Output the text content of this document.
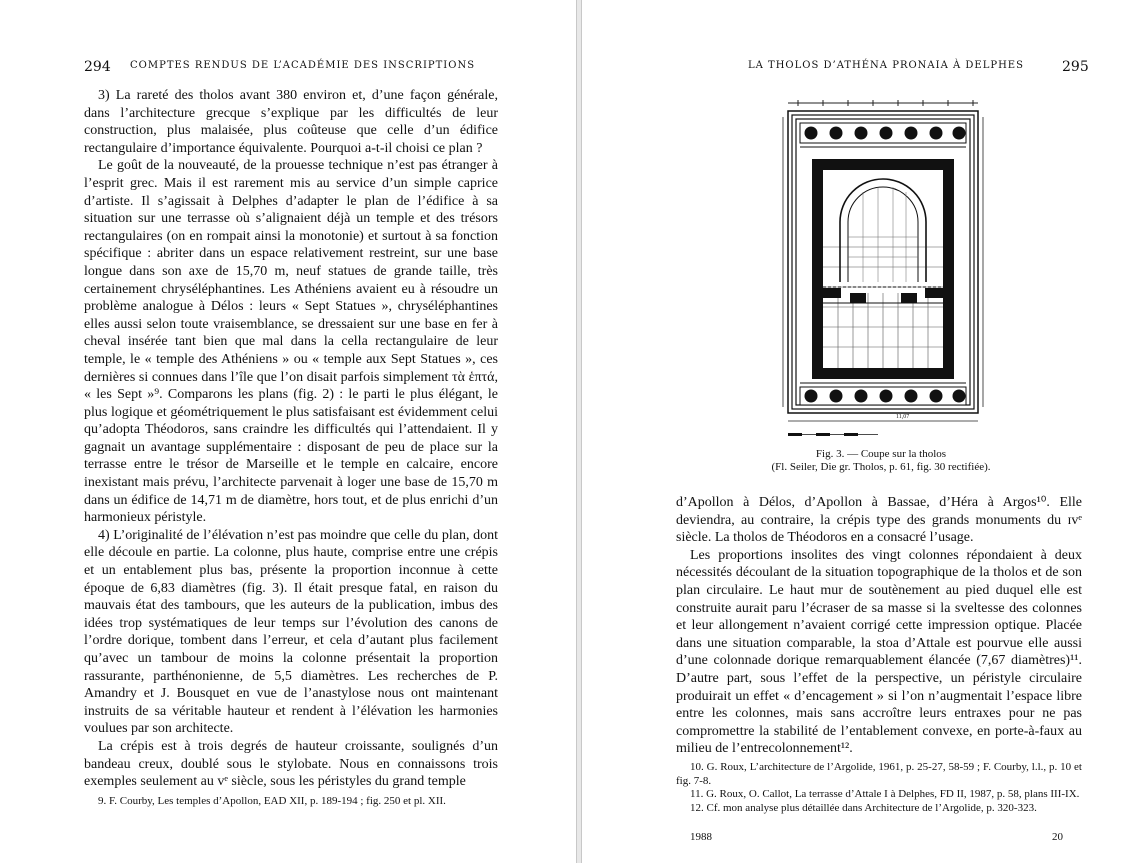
294 COMPTES RENDUS DE L’ACADÉMIE DES INSCRIPTIONS

3) La rareté des tholos avant 380 environ et, d’une façon générale, dans l’architecture grecque s’explique par les difficultés de leur construction, plus malaisée, plus coûteuse que celle d’un édifice rectangulaire d’importance équivalente. Pourquoi a-t-il choisi ce plan ?

Le goût de la nouveauté, de la prouesse technique n’est pas étranger à l’esprit grec. Mais il est rarement mis au service d’un simple caprice d’artiste. Il s’agissait à Delphes d’adapter le plan de l’édifice à sa situation sur une terrasse où s’alignaient déjà un temple et des trésors rectangulaires (on en rompait ainsi la monotonie) et surtout à sa fonction spécifique : abriter dans un espace relativement restreint, sur une base longue dans son axe de 15,70 m, neuf statues de grande taille, très certainement chryséléphantines. Les Athéniens avaient eu à résoudre un problème analogue à Délos : leurs « Sept Statues », chryséléphantines elles aussi selon toute vraisemblance, se dressaient sur une base en fer à cheval insérée tant bien que mal dans la cella rectangulaire de leur temple, le « temple des Athéniens » ou « temple aux Sept Statues », ces dernières si connues dans l’île que l’on disait parfois simplement τὰ ἑπτά, « les Sept »⁹. Comparons les plans (fig. 2) : le parti le plus élégant, le plus logique et géométriquement le plus satisfaisant est évidemment celui qu’adopta Théodoros, sans craindre les difficultés qui l’attendaient. Il y gagnait un avantage supplémentaire : disposant de peu de place sur la terrasse entre le trésor de Marseille et le temple en calcaire, encore inexistant mais prévu, l’architecte parvenait à loger une base de 15,70 m dans un édifice de 14,71 m de diamètre, hors tout, et de plus enrichi d’un harmonieux péristyle.

4) L’originalité de l’élévation n’est pas moindre que celle du plan, dont elle découle en partie. La colonne, plus haute, comprise entre une crépis et un entablement plus bas, présente la proportion inconnue à cette époque de 6,83 diamètres (fig. 3). Il était presque fatal, en raison du mauvais état des tambours, que les auteurs de la publication, imbus des idées trop systématiques de leur temps sur l’évolution des canons de l’ordre dorique, tombent dans l’erreur, et cela d’autant plus facilement qu’avec un tambour de moins la colonne présentait la proportion rassurante, parthénonienne, de 5,5 diamètres. Les recherches de P. Amandry et J. Bousquet en vue de l’anastylose nous ont maintenant instruits de sa véritable hauteur et rendent à l’élévation les harmonies voulues par son architecte.

La crépis est à trois degrés de hauteur croissante, soulignés d’un bandeau creux, doublé sous le stylobate. Nous en connaissons trois exemples seulement au vᵉ siècle, sous les péristyles du grand temple

9. F. Courby, Les temples d’Apollon, EAD XII, p. 189-194 ; fig. 250 et pl. XII.

LA THOLOS D’ATHÉNA PRONAIA À DELPHES	295
11,07
Fig. 3. — Coupe sur la tholos
(Fl. Seiler, Die gr. Tholos, p. 61, fig. 30 rectifiée).

d’Apollon à Délos, d’Apollon à Bassae, d’Héra à Argos¹⁰. Elle deviendra, au contraire, la crépis type des grands monuments du ɪᴠᵉ siècle. La tholos de Théodoros en a consacré l’usage.

Les proportions insolites des vingt colonnes répondaient à deux nécessités découlant de la situation topographique de la tholos et de son plan circulaire. Le haut mur de soutènement au pied duquel elle est construite aurait paru l’écraser de sa masse si la sveltesse des colonnes et leur allongement n’avaient corrigé cette impression optique. Placée dans une situation comparable, la stoa d’Attale est pourvue elle aussi d’une colonnade dorique remarquablement élancée (7,67 diamètres)¹¹. D’autre part, sous l’effet de la perspective, un péristyle circulaire produirait un effet « d’encagement » si l’on n’augmentait l’espace libre entre les colonnes, mais sans accroître leurs entraxes pour ne pas compromettre la stabilité de l’entablement convexe, en porte-à-faux au milieu de l’entrecolonnement¹².

10. G. Roux, L’architecture de l’Argolide, 1961, p. 25-27, 58-59 ; F. Courby, l.l., p. 10 et fig. 7-8.

11. G. Roux, O. Callot, La terrasse d’Attale I à Delphes, FD II, 1987, p. 58, plans III-IX.

12. Cf. mon analyse plus détaillée dans Architecture de l’Argolide, p. 320-323.

1988	20
